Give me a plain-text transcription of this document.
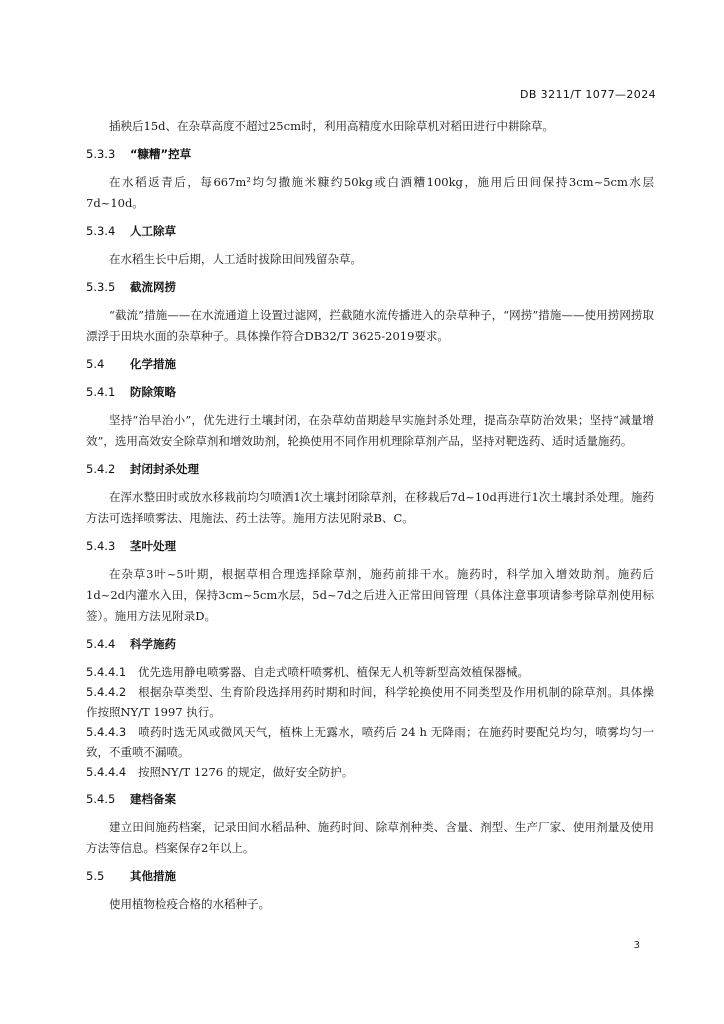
DB 3211/T 1077—2024

插秧后15d、在杂草高度不超过25cm时，利用高精度水田除草机对稻田进行中耕除草。

5.3.3 “糠糟”控草

在水稻返青后，每667m²均匀撒施米糠约50kg或白酒糟100kg，施用后田间保持3cm~5cm水层7d~10d。

5.3.4 人工除草

在水稻生长中后期，人工适时拔除田间残留杂草。

5.3.5 截流网捞

“截流”措施——在水流通道上设置过滤网，拦截随水流传播进入的杂草种子，“网捞”措施——使用捞网捞取漂浮于田块水面的杂草种子。具体操作符合DB32/T 3625-2019要求。

5.4 化学措施
5.4.1 防除策略

坚持“治早治小”，优先进行土壤封闭，在杂草幼苗期趁早实施封杀处理，提高杂草防治效果；坚持“减量增效”，选用高效安全除草剂和增效助剂，轮换使用不同作用机理除草剂产品，坚持对靶选药、适时适量施药。

5.4.2 封闭封杀处理

在浑水整田时或放水移栽前均匀喷洒1次土壤封闭除草剂，在移栽后7d~10d再进行1次土壤封杀处理。施药方法可选择喷雾法、甩施法、药土法等。施用方法见附录B、C。

5.4.3 茎叶处理

在杂草3叶~5叶期，根据草相合理选择除草剂，施药前排干水。施药时，科学加入增效助剂。施药后1d~2d内灌水入田，保持3cm~5cm水层，5d~7d之后进入正常田间管理（具体注意事项请参考除草剂使用标签）。施用方法见附录D。

5.4.4 科学施药

5.4.4.1 优先选用静电喷雾器、自走式喷杆喷雾机、植保无人机等新型高效植保器械。

5.4.4.2 根据杂草类型、生育阶段选择用药时期和时间，科学轮换使用不同类型及作用机制的除草剂。具体操作按照NY/T 1997 执行。

5.4.4.3 喷药时选无风或微风天气，植株上无露水，喷药后 24 h 无降雨；在施药时要配兑均匀，喷雾均匀一致，不重喷不漏喷。

5.4.4.4 按照NY/T 1276 的规定，做好安全防护。

5.4.5 建档备案

建立田间施药档案，记录田间水稻品种、施药时间、除草剂种类、含量、剂型、生产厂家、使用剂量及使用方法等信息。档案保存2年以上。

5.5 其他措施

使用植物检疫合格的水稻种子。

3
